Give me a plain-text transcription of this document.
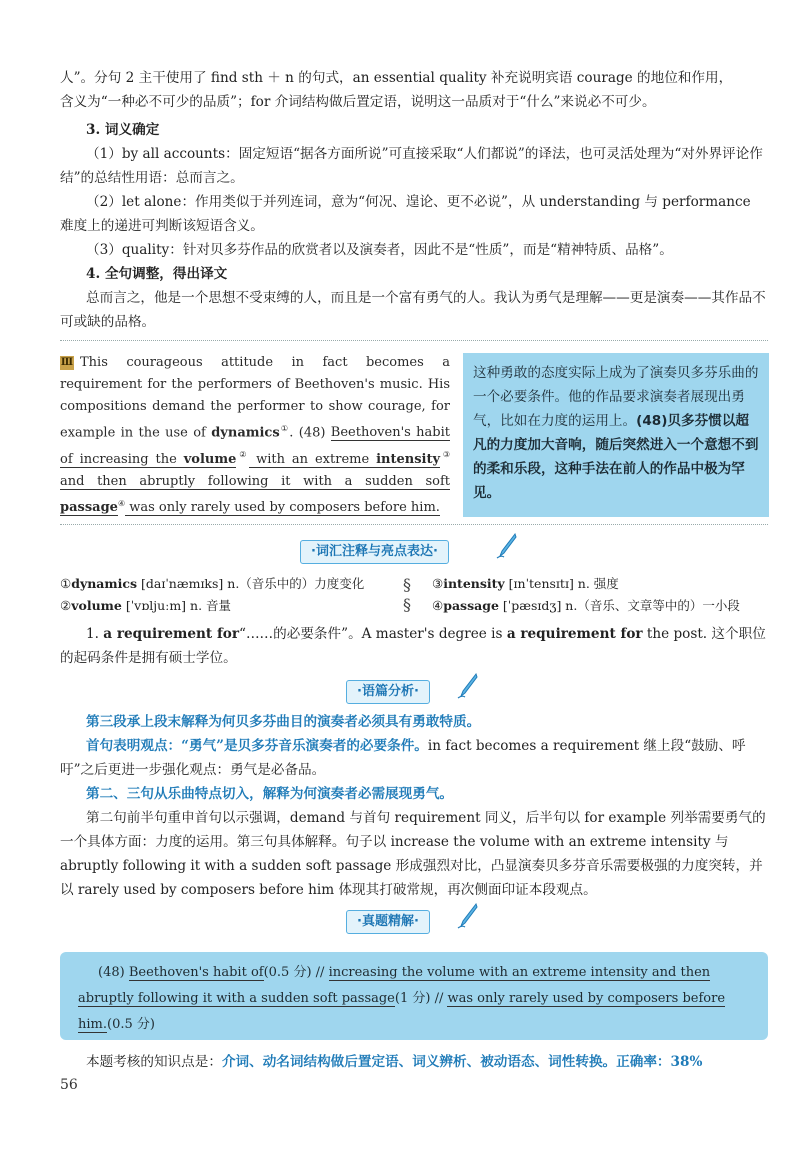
人”。分句 2 主干使用了 find sth ＋ n 的句式，an essential quality 补充说明宾语 courage 的地位和作用，

含义为“一种必不可少的品质”；for 介词结构做后置定语，说明这一品质对于“什么”来说必不可少。

3. 词义确定

（1）by all accounts：固定短语“据各方面所说”可直接采取“人们都说”的译法，也可灵活处理为“对外界评论作结”的总结性用语：总而言之。

（2）let alone：作用类似于并列连词，意为“何况、遑论、更不必说”，从 understanding 与 performance 难度上的递进可判断该短语含义。

（3）quality：针对贝多芬作品的欣赏者以及演奏者，因此不是“性质”，而是“精神特质、品格”。

4. 全句调整，得出译文

总而言之，他是一个思想不受束缚的人，而且是一个富有勇气的人。我认为勇气是理解——更是演奏——其作品不可或缺的品格。

Ⅲ This courageous attitude in fact becomes a requirement for the performers of Beethoven's music. His compositions demand the performer to show courage, for example in the use of dynamics①. (48) Beethoven's habit of increasing the volume② with an extreme intensity③ and then abruptly following it with a sudden soft passage④ was only rarely used by composers before him.
这种勇敢的态度实际上成为了演奏贝多芬乐曲的一个必要条件。他的作品要求演奏者展现出勇气，比如在力度的运用上。(48)贝多芬惯以超凡的力度加大音响，随后突然进入一个意想不到的柔和乐段，这种手法在前人的作品中极为罕见。
·词汇注释与亮点表达·
①dynamics [daɪˈnæmɪks] n.（音乐中的）力度变化
②volume [ˈvɒljuːm] n. 音量
§
§
③intensity [ɪnˈtensɪtɪ] n. 强度
④passage [ˈpæsɪdʒ] n.（音乐、文章等中的）一小段

1. a requirement for“……的必要条件”。A master's degree is a requirement for the post. 这个职位的起码条件是拥有硕士学位。

·语篇分析·

第三段承上段末解释为何贝多芬曲目的演奏者必须具有勇敢特质。

首句表明观点：“勇气”是贝多芬音乐演奏者的必要条件。in fact becomes a requirement 继上段“鼓励、呼吁”之后更进一步强化观点：勇气是必备品。

第二、三句从乐曲特点切入，解释为何演奏者必需展现勇气。

第二句前半句重申首句以示强调，demand 与首句 requirement 同义，后半句以 for example 列举需要勇气的一个具体方面：力度的运用。第三句具体解释。句子以 increase the volume with an extreme intensity 与 abruptly following it with a sudden soft passage 形成强烈对比，凸显演奏贝多芬音乐需要极强的力度突转，并以 rarely used by composers before him 体现其打破常规，再次侧面印证本段观点。

·真题精解·
(48) Beethoven's habit of(0.5 分) // increasing the volume with an extreme intensity and then abruptly following it with a sudden soft passage(1 分) // was only rarely used by composers before him.(0.5 分)

本题考核的知识点是：介词、动名词结构做后置定语、词义辨析、被动语态、词性转换。正确率：38%

56
